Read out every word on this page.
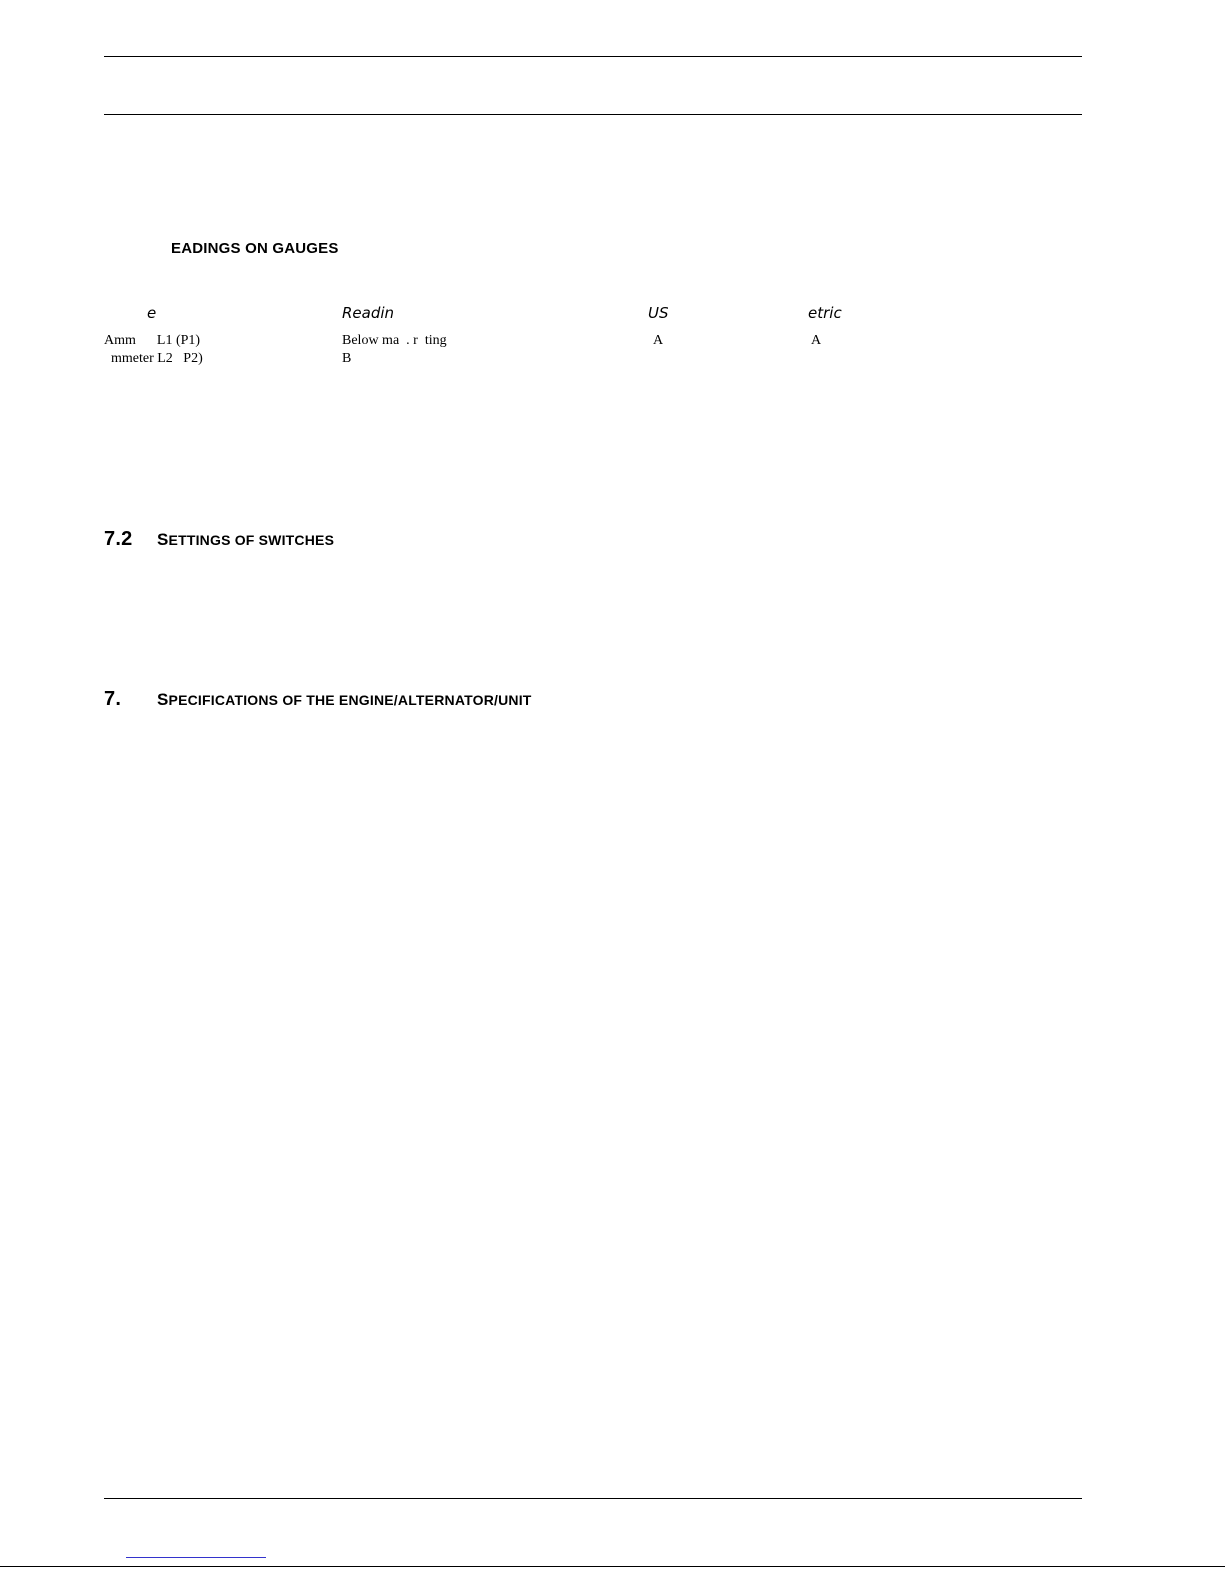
EADINGS ON GAUGES
e	Readin	US	etric
Amm      L1 (P1)	Below ma  . r  ting	A	A
mmeter L2   P2)	B
7.2 SETTINGS OF SWITCHES
7. SPECIFICATIONS OF THE ENGINE/ALTERNATOR/UNIT
